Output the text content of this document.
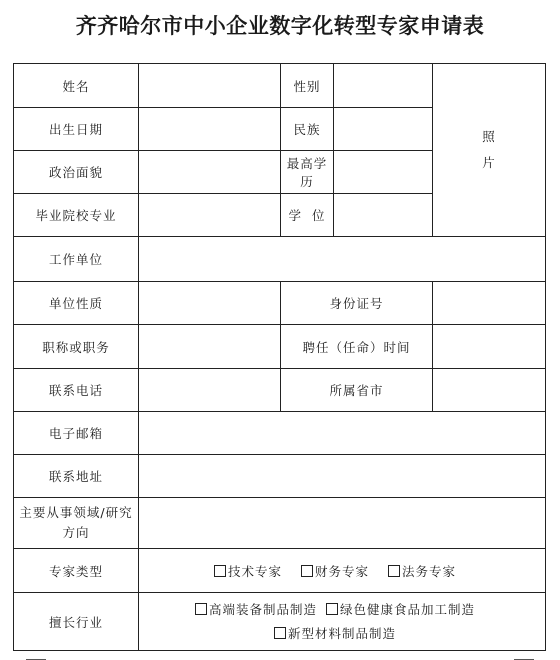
齐齐哈尔市中小企业数字化转型专家申请表
姓名		性别		照
片

出生日期		民族		
政治面貌		最高学历		
毕业院校专业		学  位		
工作单位				
单位性质		身份证号		
职称或职务		聘任（任命）时间		
联系电话		所属省市		
电子邮箱				
联系地址				
主要从事领域/研究方向				
专家类型	技术专家 财务专家 法务专家			
擅长行业	高端装备制品制造 绿色健康食品加工制造
新型材料制品制造			
